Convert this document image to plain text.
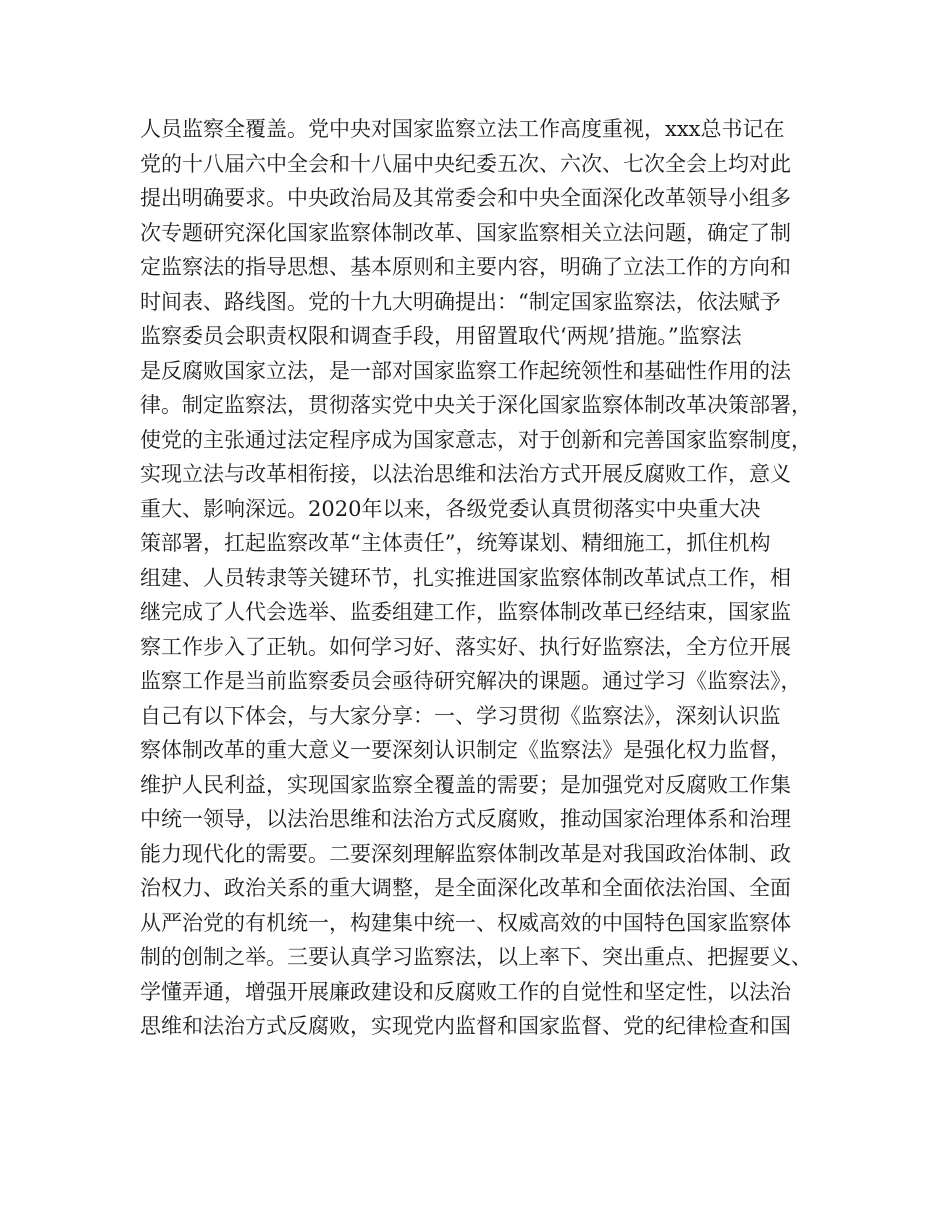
人员监察全覆盖。党中央对国家监察立法工作高度重视，xxx总书记在
党的十八届六中全会和十八届中央纪委五次、六次、七次全会上均对此
提出明确要求。中央政治局及其常委会和中央全面深化改革领导小组多
次专题研究深化国家监察体制改革、国家监察相关立法问题，确定了制
定监察法的指导思想、基本原则和主要内容，明确了立法工作的方向和
时间表、路线图。党的十九大明确提出：“制定国家监察法，依法赋予
监察委员会职责权限和调查手段，用留置取代‘两规’措施。”监察法
是反腐败国家立法，是一部对国家监察工作起统领性和基础性作用的法
律。制定监察法，贯彻落实党中央关于深化国家监察体制改革决策部署，
使党的主张通过法定程序成为国家意志，对于创新和完善国家监察制度，
实现立法与改革相衔接，以法治思维和法治方式开展反腐败工作，意义
重大、影响深远。2020年以来，各级党委认真贯彻落实中央重大决
策部署，扛起监察改革“主体责任”，统筹谋划、精细施工，抓住机构
组建、人员转隶等关键环节，扎实推进国家监察体制改革试点工作，相
继完成了人代会选举、监委组建工作，监察体制改革已经结束，国家监
察工作步入了正轨。如何学习好、落实好、执行好监察法，全方位开展
监察工作是当前监察委员会亟待研究解决的课题。通过学习《监察法》，
自己有以下体会，与大家分享：一、学习贯彻《监察法》，深刻认识监
察体制改革的重大意义一要深刻认识制定《监察法》是强化权力监督，
维护人民利益，实现国家监察全覆盖的需要；是加强党对反腐败工作集
中统一领导，以法治思维和法治方式反腐败，推动国家治理体系和治理
能力现代化的需要。二要深刻理解监察体制改革是对我国政治体制、政
治权力、政治关系的重大调整，是全面深化改革和全面依法治国、全面
从严治党的有机统一，构建集中统一、权威高效的中国特色国家监察体
制的创制之举。三要认真学习监察法，以上率下、突出重点、把握要义、
学懂弄通，增强开展廉政建设和反腐败工作的自觉性和坚定性，以法治
思维和法治方式反腐败，实现党内监督和国家监督、党的纪律检查和国
